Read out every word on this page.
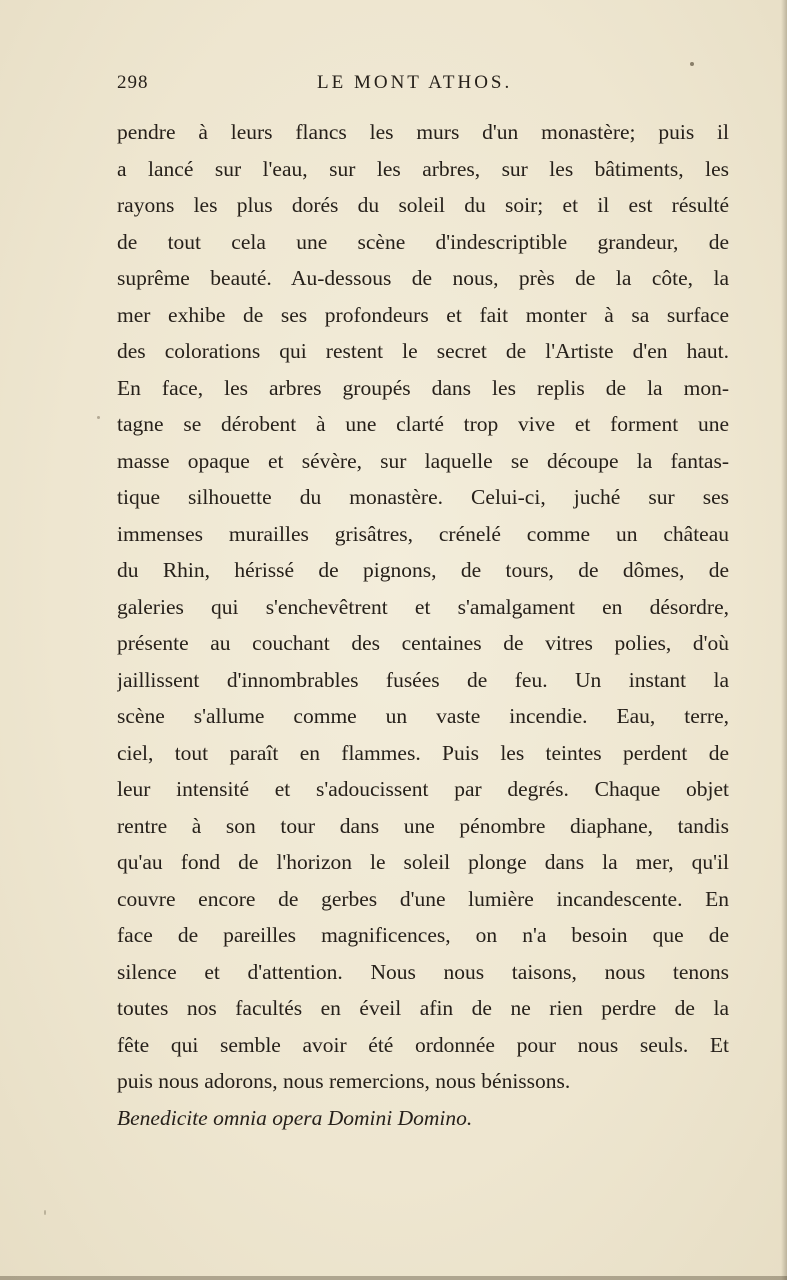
298	LE MONT ATHOS.
pendre à leurs flancs les murs d'un monastère; puis il
a lancé sur l'eau, sur les arbres, sur les bâtiments, les
rayons les plus dorés du soleil du soir; et il est résulté
de tout cela une scène d'indescriptible grandeur, de
suprême beauté. Au-dessous de nous, près de la côte, la
mer exhibe de ses profondeurs et fait monter à sa surface
des colorations qui restent le secret de l'Artiste d'en haut.
En face, les arbres groupés dans les replis de la mon-
tagne se dérobent à une clarté trop vive et forment une
masse opaque et sévère, sur laquelle se découpe la fantas-
tique silhouette du monastère. Celui-ci, juché sur ses
immenses murailles grisâtres, crénelé comme un château
du Rhin, hérissé de pignons, de tours, de dômes, de
galeries qui s'enchevêtrent et s'amalgament en désordre,
présente au couchant des centaines de vitres polies, d'où
jaillissent d'innombrables fusées de feu. Un instant la
scène s'allume comme un vaste incendie. Eau, terre,
ciel, tout paraît en flammes. Puis les teintes perdent de
leur intensité et s'adoucissent par degrés. Chaque objet
rentre à son tour dans une pénombre diaphane, tandis
qu'au fond de l'horizon le soleil plonge dans la mer, qu'il
couvre encore de gerbes d'une lumière incandescente. En
face de pareilles magnificences, on n'a besoin que de
silence et d'attention. Nous nous taisons, nous tenons
toutes nos facultés en éveil afin de ne rien perdre de la
fête qui semble avoir été ordonnée pour nous seuls. Et
puis nous adorons, nous remercions, nous bénissons.
Benedicite omnia opera Domini Domino.
